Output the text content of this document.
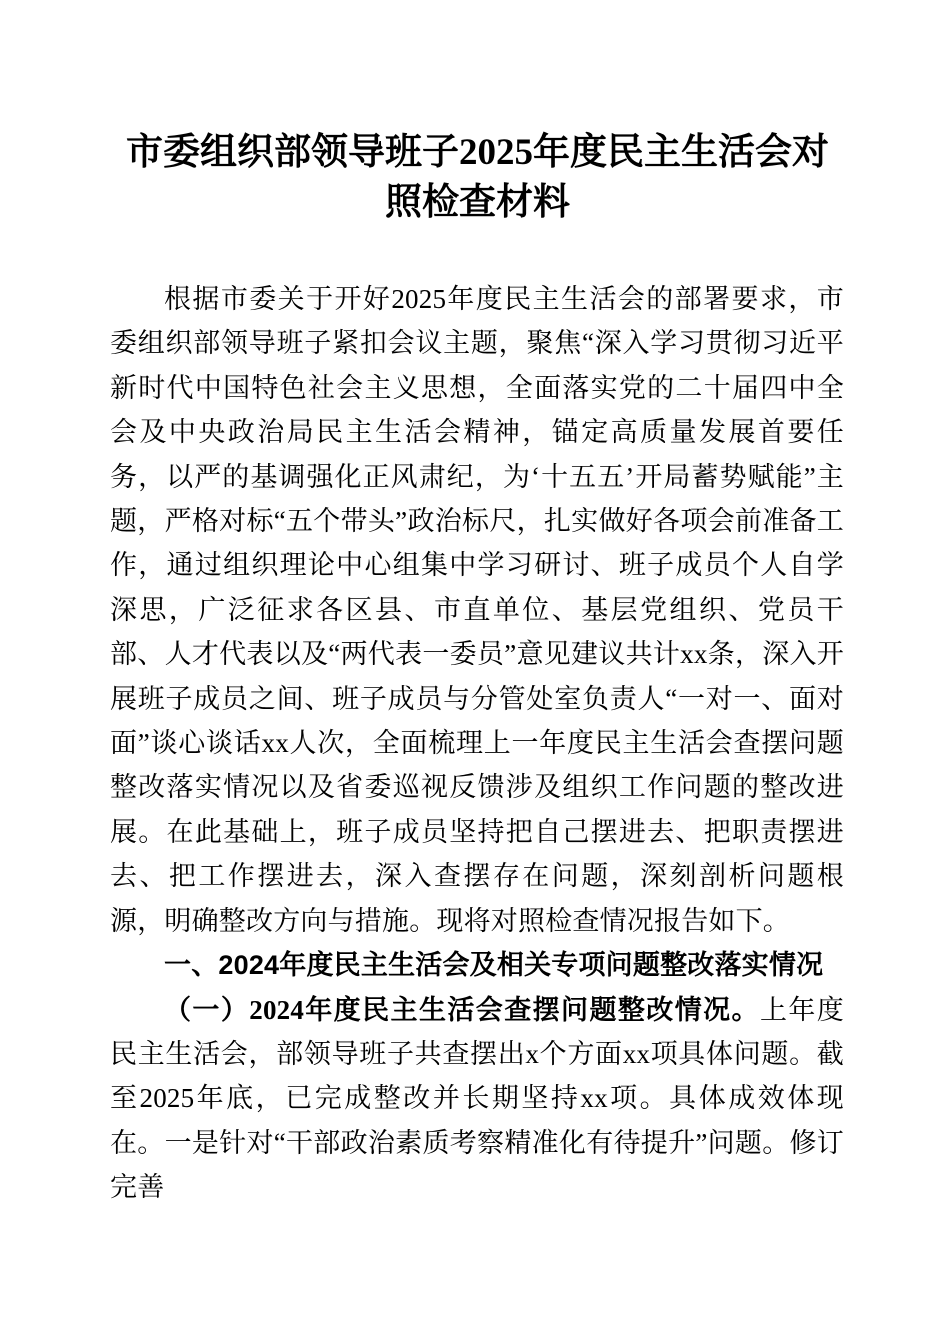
市委组织部领导班子2025年度民主生活会对照检查材料

根据市委关于开好2025年度民主生活会的部署要求，市委组织部领导班子紧扣会议主题，聚焦“深入学习贯彻习近平新时代中国特色社会主义思想，全面落实党的二十届四中全会及中央政治局民主生活会精神，锚定高质量发展首要任务，以严的基调强化正风肃纪，为‘十五五’开局蓄势赋能”主题，严格对标“五个带头”政治标尺，扎实做好各项会前准备工作，通过组织理论中心组集中学习研讨、班子成员个人自学深思，广泛征求各区县、市直单位、基层党组织、党员干部、人才代表以及“两代表一委员”意见建议共计xx条，深入开展班子成员之间、班子成员与分管处室负责人“一对一、面对面”谈心谈话xx人次，全面梳理上一年度民主生活会查摆问题整改落实情况以及省委巡视反馈涉及组织工作问题的整改进展。在此基础上，班子成员坚持把自己摆进去、把职责摆进去、把工作摆进去，深入查摆存在问题，深刻剖析问题根源，明确整改方向与措施。现将对照检查情况报告如下。

一、2024年度民主生活会及相关专项问题整改落实情况

（一）2024年度民主生活会查摆问题整改情况。上年度民主生活会，部领导班子共查摆出x个方面xx项具体问题。截至2025年底，已完成整改并长期坚持xx项。具体成效体现在。一是针对“干部政治素质考察精准化有待提升”问题。修订完善
